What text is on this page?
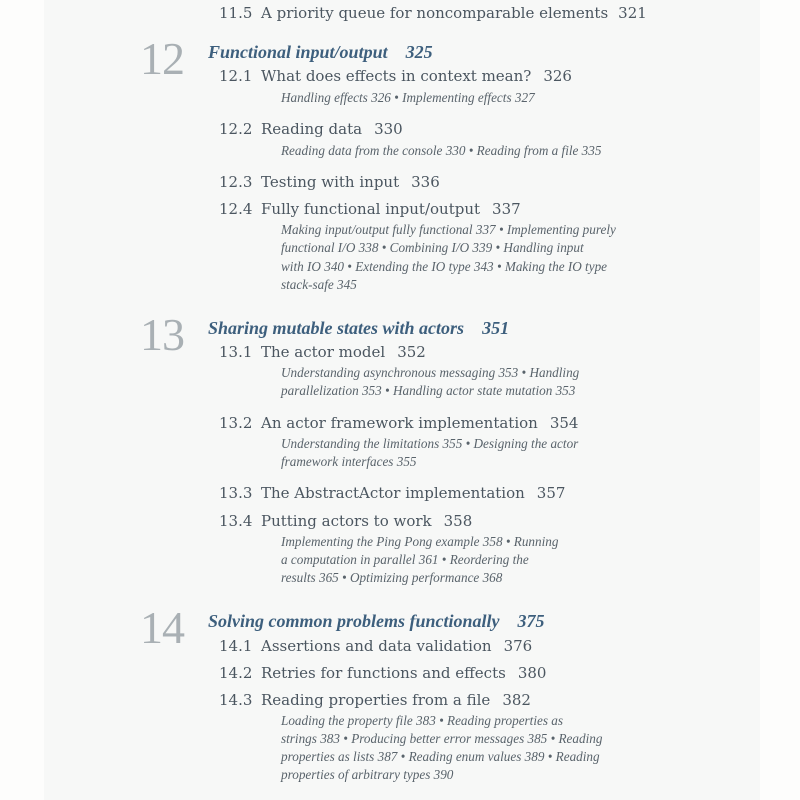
11.5 A priority queue for noncomparable elements 321
12	Functional input/output 325
12.1 What does effects in context mean? 326
Handling effects 326 • Implementing effects 327
12.2 Reading data 330
Reading data from the console 330 • Reading from a file 335
12.3 Testing with input 336
12.4 Fully functional input/output 337
Making input/output fully functional 337 • Implementing purely
functional I/O 338 • Combining I/O 339 • Handling input
with IO 340 • Extending the IO type 343 • Making the IO type
stack-safe 345
13	Sharing mutable states with actors 351
13.1 The actor model 352
Understanding asynchronous messaging 353 • Handling
parallelization 353 • Handling actor state mutation 353
13.2 An actor framework implementation 354
Understanding the limitations 355 • Designing the actor
framework interfaces 355
13.3 The AbstractActor implementation 357
13.4 Putting actors to work 358
Implementing the Ping Pong example 358 • Running
a computation in parallel 361 • Reordering the
results 365 • Optimizing performance 368
14	Solving common problems functionally 375
14.1 Assertions and data validation 376
14.2 Retries for functions and effects 380
14.3 Reading properties from a file 382
Loading the property file 383 • Reading properties as
strings 383 • Producing better error messages 385 • Reading
properties as lists 387 • Reading enum values 389 • Reading
properties of arbitrary types 390
